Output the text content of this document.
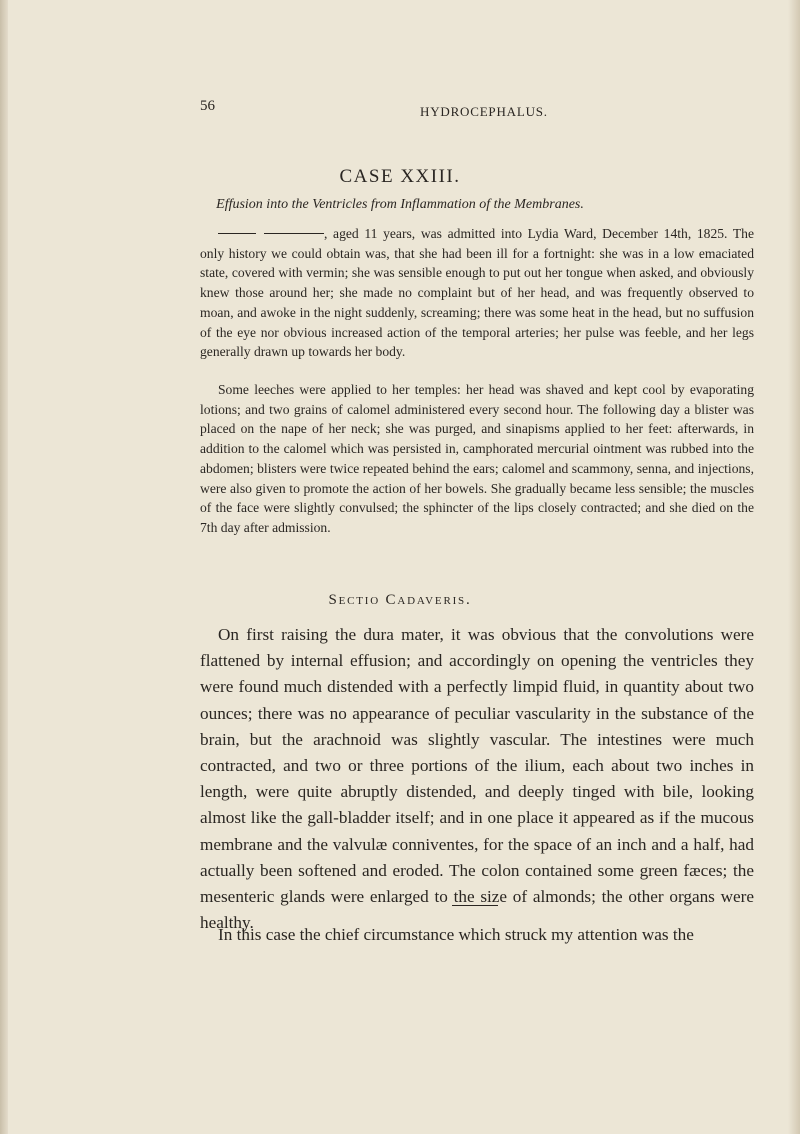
56	HYDROCEPHALUS.
CASE XXIII.
Effusion into the Ventricles from Inflammation of the Membranes.

, aged 11 years, was admitted into Lydia Ward, December 14th, 1825. The only history we could obtain was, that she had been ill for a fortnight: she was in a low emaciated state, covered with vermin; she was sensible enough to put out her tongue when asked, and obviously knew those around her; she made no complaint but of her head, and was frequently observed to moan, and awoke in the night suddenly, screaming; there was some heat in the head, but no suffusion of the eye nor obvious increased action of the temporal arteries; her pulse was feeble, and her legs generally drawn up towards her body.

Some leeches were applied to her temples: her head was shaved and kept cool by evaporating lotions; and two grains of calomel administered every second hour. The following day a blister was placed on the nape of her neck; she was purged, and sinapisms applied to her feet: afterwards, in addition to the calomel which was persisted in, camphorated mercurial ointment was rubbed into the abdomen; blisters were twice repeated behind the ears; calomel and scammony, senna, and injections, were also given to promote the action of her bowels. She gradually became less sensible; the muscles of the face were slightly convulsed; the sphincter of the lips closely contracted; and she died on the 7th day after admission.

Sectio Cadaveris.

On first raising the dura mater, it was obvious that the convolutions were flattened by internal effusion; and accordingly on opening the ventricles they were found much distended with a perfectly limpid fluid, in quantity about two ounces; there was no appearance of peculiar vascularity in the substance of the brain, but the arachnoid was slightly vascular. The intestines were much contracted, and two or three portions of the ilium, each about two inches in length, were quite abruptly distended, and deeply tinged with bile, looking almost like the gall-bladder itself; and in one place it appeared as if the mucous membrane and the valvulæ conniventes, for the space of an inch and a half, had actually been softened and eroded. The colon contained some green fæces; the mesenteric glands were enlarged to the size of almonds; the other organs were healthy.

In this case the chief circumstance which struck my attention was the
